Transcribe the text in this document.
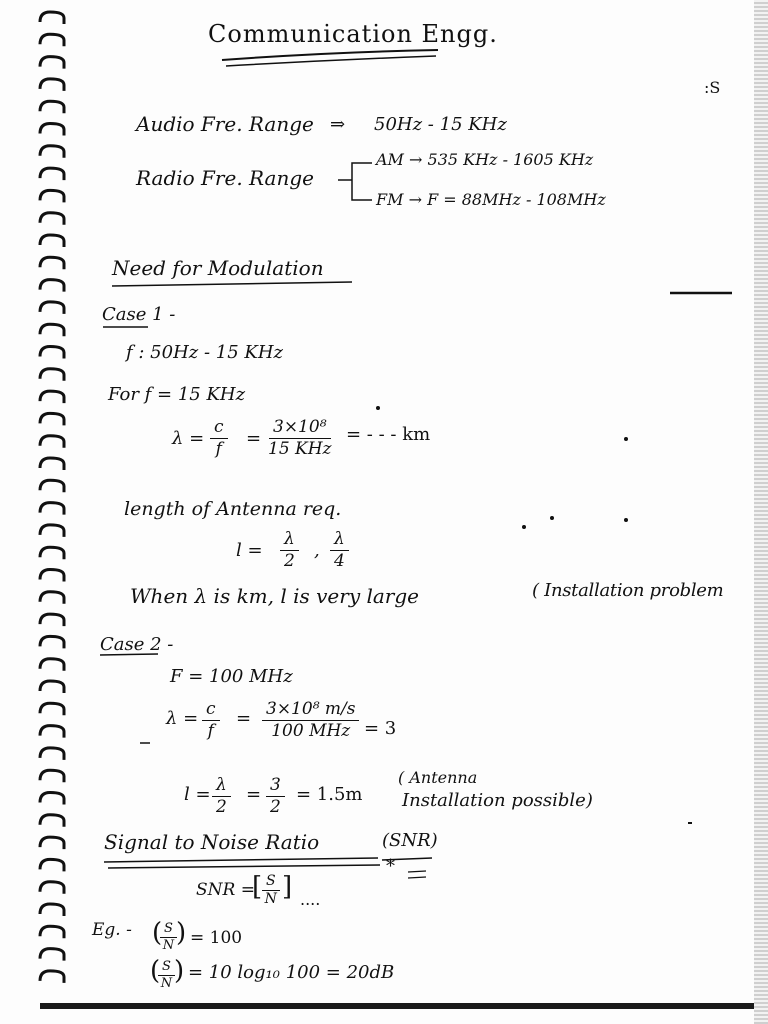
Communication Engg.
:S
Audio Fre. Range ⇒ 50Hz - 15 KHz
Radio Fre. Range
AM → 535 KHz - 1605 KHz
FM → F = 88MHz - 108MHz
Need for Modulation
Case 1 -
f : 50Hz - 15 KHz
For f = 15 KHz
$\lambda = \frac{c}{f}$ =
3×10⁸
15 KHz
= - - - km
length of Antenna req.
$l = \frac{\lambda}{2}$ , $\frac{\lambda}{4}$
When λ is km, l is very large	( Installation problem
Case 2 -
F = 100 MHz
$\lambda = \frac{c}{f} = 3\times 10^8$ m/s
100 MHz = 3
$l = \frac{\lambda}{2} = \frac{3}{2} = 1.5m$
( Antenna
Installation possible)
Signal to Noise Ratio	(SNR)
*
SNR =
[ $\frac{S}{N}$ ] ....
Eg. - (
$\frac{S}{N}$ ) = 100
(
$\frac{S}{N}$ ) = 10 log₁₀ 100 = 20dB
